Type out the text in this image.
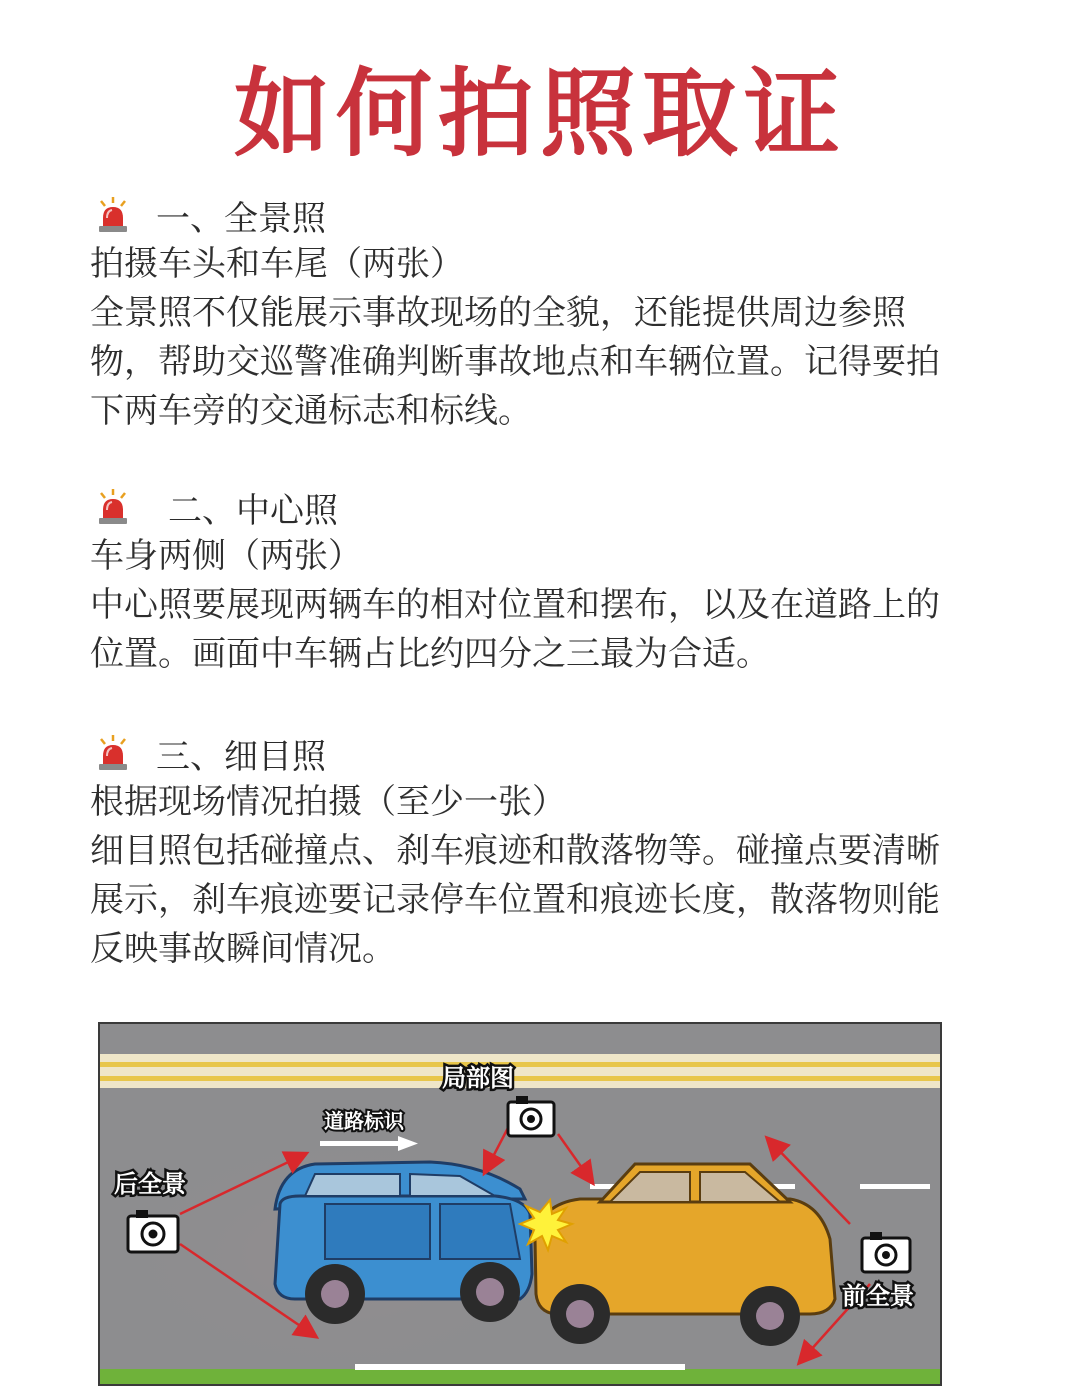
如何拍照取证
一、全景照
拍摄车头和车尾（两张）
全景照不仅能展示事故现场的全貌，还能提供周边参照
物，帮助交巡警准确判断事故地点和车辆位置。记得要拍
下两车旁的交通标志和标线。
二、中心照
车身两侧（两张）
中心照要展现两辆车的相对位置和摆布，以及在道路上的
位置。画面中车辆占比约四分之三最为合适。
三、细目照
根据现场情况拍摄（至少一张）
细目照包括碰撞点、刹车痕迹和散落物等。碰撞点要清晰
展示，刹车痕迹要记录停车位置和痕迹长度，散落物则能
反映事故瞬间情况。
局部图
道路标识
后全景
前全景
